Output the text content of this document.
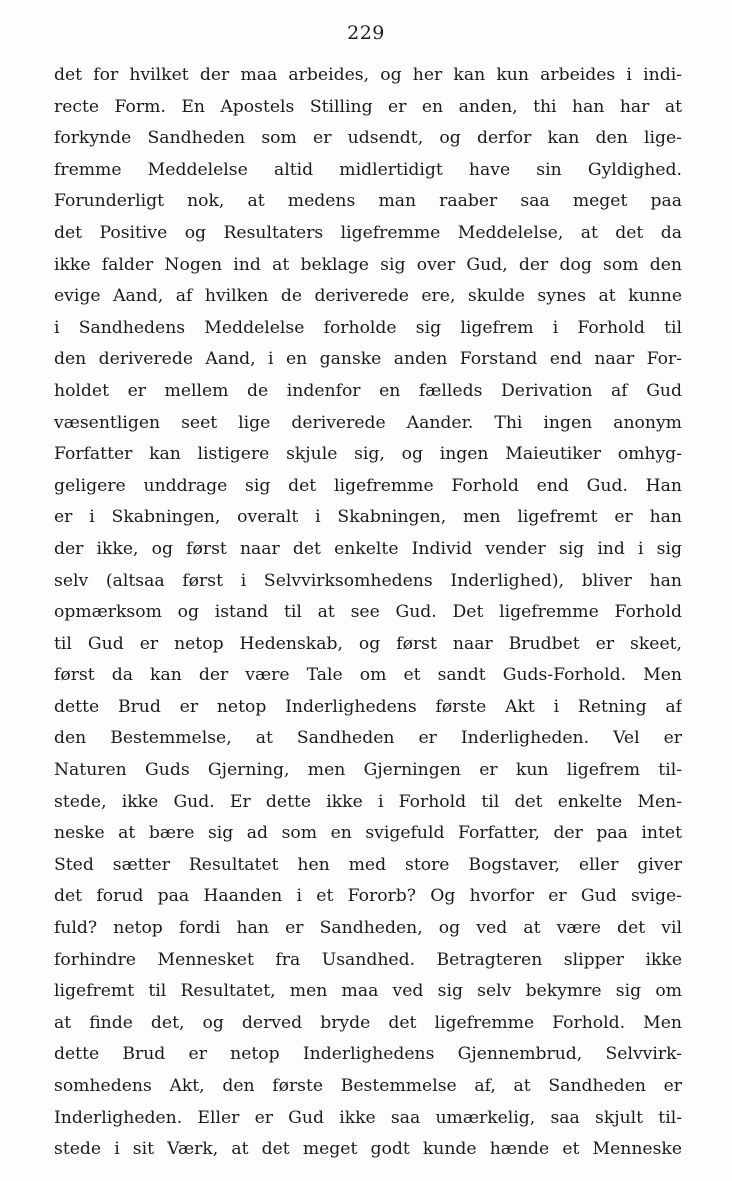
229
det for hvilket der maa arbeides, og her kan kun arbeides i indi-
recte Form. En Apostels Stilling er en anden, thi han har at
forkynde Sandheden som er udsendt, og derfor kan den lige-
fremme Meddelelse altid midlertidigt have sin Gyldighed.
Forunderligt nok, at medens man raaber saa meget paa
det Positive og Resultaters ligefremme Meddelelse, at det da
ikke falder Nogen ind at beklage sig over Gud, der dog som den
evige Aand, af hvilken de deriverede ere, skulde synes at kunne
i Sandhedens Meddelelse forholde sig ligefrem i Forhold til
den deriverede Aand, i en ganske anden Forstand end naar For-
holdet er mellem de indenfor en fælleds Derivation af Gud
væsentligen seet lige deriverede Aander. Thi ingen anonym
Forfatter kan listigere skjule sig, og ingen Maieutiker omhyg-
geligere unddrage sig det ligefremme Forhold end Gud. Han
er i Skabningen, overalt i Skabningen, men ligefremt er han
der ikke, og først naar det enkelte Individ vender sig ind i sig
selv (altsaa først i Selvvirksomhedens Inderlighed), bliver han
opmærksom og istand til at see Gud. Det ligefremme Forhold
til Gud er netop Hedenskab, og først naar Brudbet er skeet,
først da kan der være Tale om et sandt Guds-Forhold. Men
dette Brud er netop Inderlighedens første Akt i Retning af
den Bestemmelse, at Sandheden er Inderligheden. Vel er
Naturen Guds Gjerning, men Gjerningen er kun ligefrem til-
stede, ikke Gud. Er dette ikke i Forhold til det enkelte Men-
neske at bære sig ad som en svigefuld Forfatter, der paa intet
Sted sætter Resultatet hen med store Bogstaver, eller giver
det forud paa Haanden i et Fororb? Og hvorfor er Gud svige-
fuld? netop fordi han er Sandheden, og ved at være det vil
forhindre Mennesket fra Usandhed. Betragteren slipper ikke
ligefremt til Resultatet, men maa ved sig selv bekymre sig om
at finde det, og derved bryde det ligefremme Forhold. Men
dette Brud er netop Inderlighedens Gjennembrud, Selvvirk-
somhedens Akt, den første Bestemmelse af, at Sandheden er
Inderligheden. Eller er Gud ikke saa umærkelig, saa skjult til-
stede i sit Værk, at det meget godt kunde hænde et Menneske
